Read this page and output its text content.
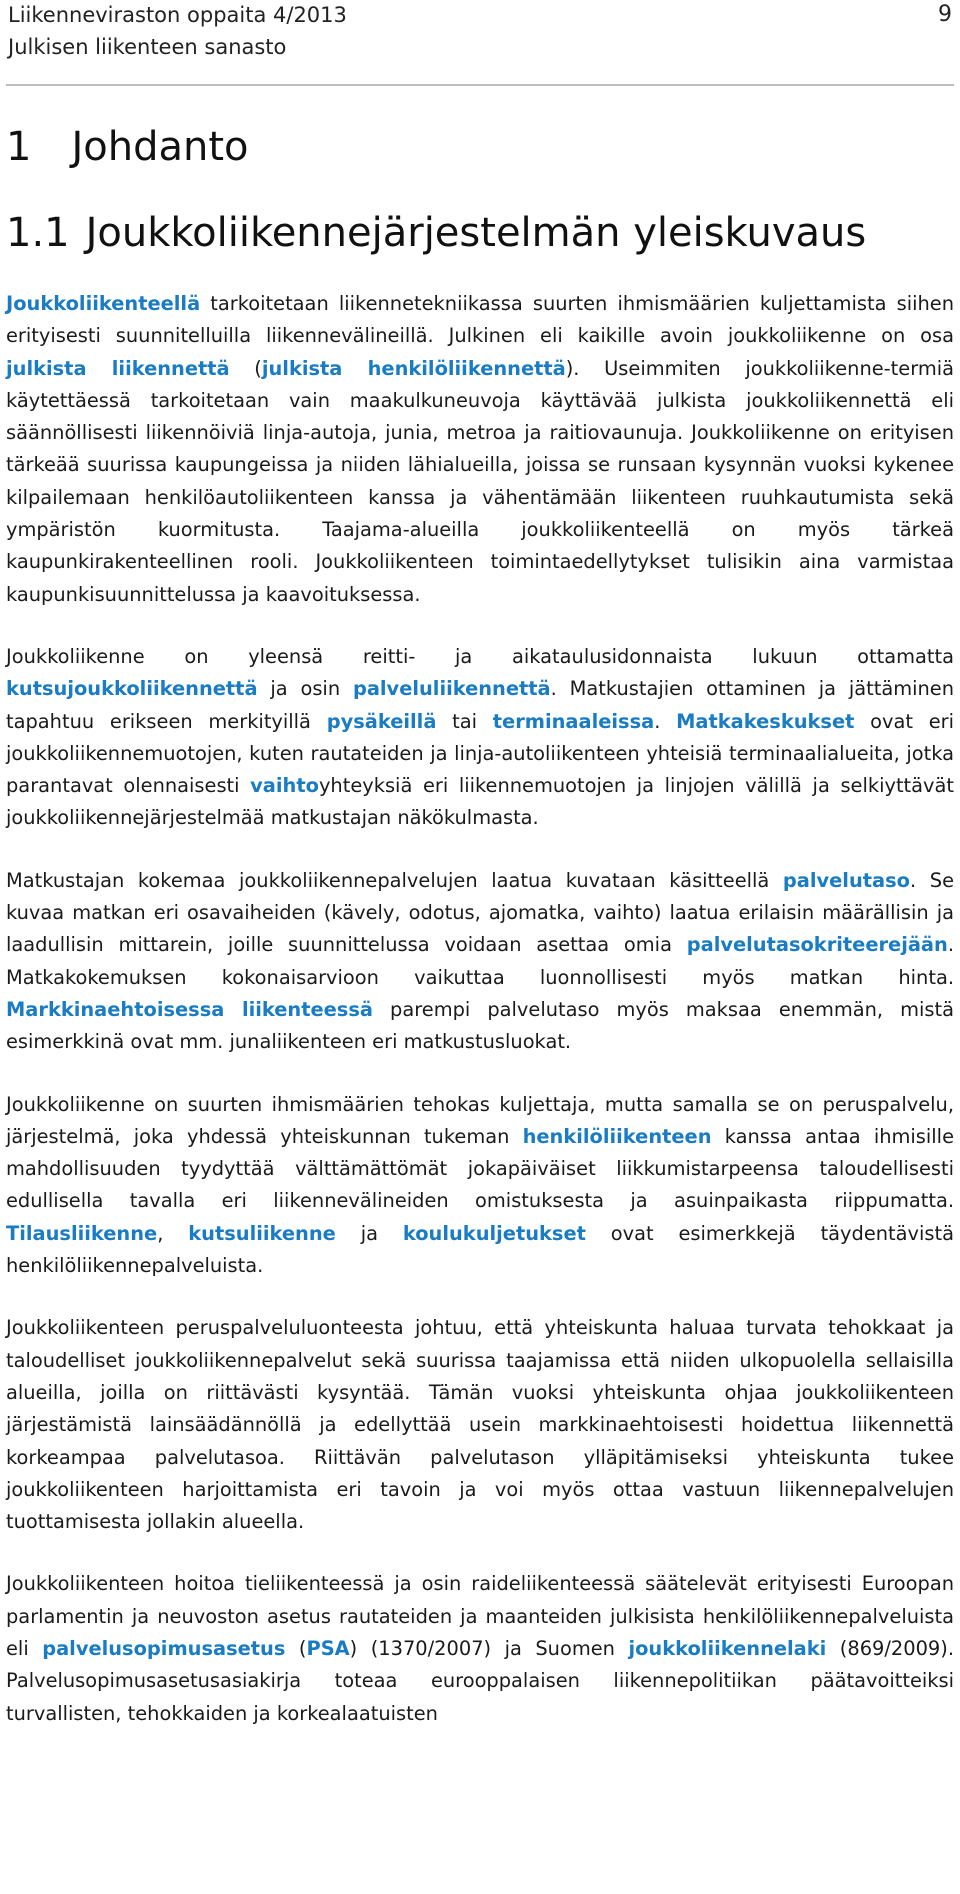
Liikenneviraston oppaita 4/2013
Julkisen liikenteen sanasto
9
1 Johdanto
1.1 Joukkoliikennejärjestelmän yleiskuvaus

Joukkoliikenteellä tarkoitetaan liikennetekniikassa suurten ihmismäärien kuljettamista siihen erityisesti suunnitelluilla liikennevälineillä. Julkinen eli kaikille avoin joukkoliikenne on osa julkista liikennettä (julkista henkilöliikennettä). Useimmiten joukkoliikenne-termiä käytettäessä tarkoitetaan vain maakulkuneuvoja käyttävää julkista joukkoliikennettä eli säännöllisesti liikennöiviä linja-autoja, junia, metroa ja raitiovaunuja. Joukkoliikenne on erityisen tärkeää suurissa kaupungeissa ja niiden lähialueilla, joissa se runsaan kysynnän vuoksi kykenee kilpailemaan henkilöautoliikenteen kanssa ja vähentämään liikenteen ruuhkautumista sekä ympäristön kuormitusta. Taajama-alueilla joukkoliikenteellä on myös tärkeä kaupunkirakenteellinen rooli. Joukkoliikenteen toimintaedellytykset tulisikin aina varmistaa kaupunkisuunnittelussa ja kaavoituksessa.

Joukkoliikenne on yleensä reitti- ja aikataulusidonnaista lukuun ottamatta kutsujoukkoliikennettä ja osin palveluliikennettä. Matkustajien ottaminen ja jättäminen tapahtuu erikseen merkityillä pysäkeillä tai terminaaleissa. Matkakeskukset ovat eri joukkoliikennemuotojen, kuten rautateiden ja linja-autoliikenteen yhteisiä terminaalialueita, jotka parantavat olennaisesti vaihtoyhteyksiä eri liikennemuotojen ja linjojen välillä ja selkiyttävät joukkoliikennejärjestelmää matkustajan näkökulmasta.

Matkustajan kokemaa joukkoliikennepalvelujen laatua kuvataan käsitteellä palvelutaso. Se kuvaa matkan eri osavaiheiden (kävely, odotus, ajomatka, vaihto) laatua erilaisin määrällisin ja laadullisin mittarein, joille suunnittelussa voidaan asettaa omia palvelutasokriteerejään. Matkakokemuksen kokonaisarvioon vaikuttaa luonnollisesti myös matkan hinta. Markkinaehtoisessa liikenteessä parempi palvelutaso myös maksaa enemmän, mistä esimerkkinä ovat mm. junaliikenteen eri matkustusluokat.

Joukkoliikenne on suurten ihmismäärien tehokas kuljettaja, mutta samalla se on peruspalvelu, järjestelmä, joka yhdessä yhteiskunnan tukeman henkilöliikenteen kanssa antaa ihmisille mahdollisuuden tyydyttää välttämättömät jokapäiväiset liikkumistarpeensa taloudellisesti edullisella tavalla eri liikennevälineiden omistuksesta ja asuinpaikasta riippumatta. Tilausliikenne, kutsuliikenne ja koulukuljetukset ovat esimerkkejä täydentävistä henkilöliikennepalveluista.

Joukkoliikenteen peruspalveluluonteesta johtuu, että yhteiskunta haluaa turvata tehokkaat ja taloudelliset joukkoliikennepalvelut sekä suurissa taajamissa että niiden ulkopuolella sellaisilla alueilla, joilla on riittävästi kysyntää. Tämän vuoksi yhteiskunta ohjaa joukkoliikenteen järjestämistä lainsäädännöllä ja edellyttää usein markkinaehtoisesti hoidettua liikennettä korkeampaa palvelutasoa. Riittävän palvelutason ylläpitämiseksi yhteiskunta tukee joukkoliikenteen harjoittamista eri tavoin ja voi myös ottaa vastuun liikennepalvelujen tuottamisesta jollakin alueella.

Joukkoliikenteen hoitoa tieliikenteessä ja osin raideliikenteessä säätelevät erityisesti Euroopan parlamentin ja neuvoston asetus rautateiden ja maanteiden julkisista henkilöliikennepalveluista eli palvelusopimusasetus (PSA) (1370/2007) ja Suomen joukkoliikennelaki (869/2009). Palvelusopimusasetusasiakirja toteaa eurooppalaisen liikennepolitiikan päätavoitteiksi turvallisten, tehokkaiden ja korkealaatuisten
